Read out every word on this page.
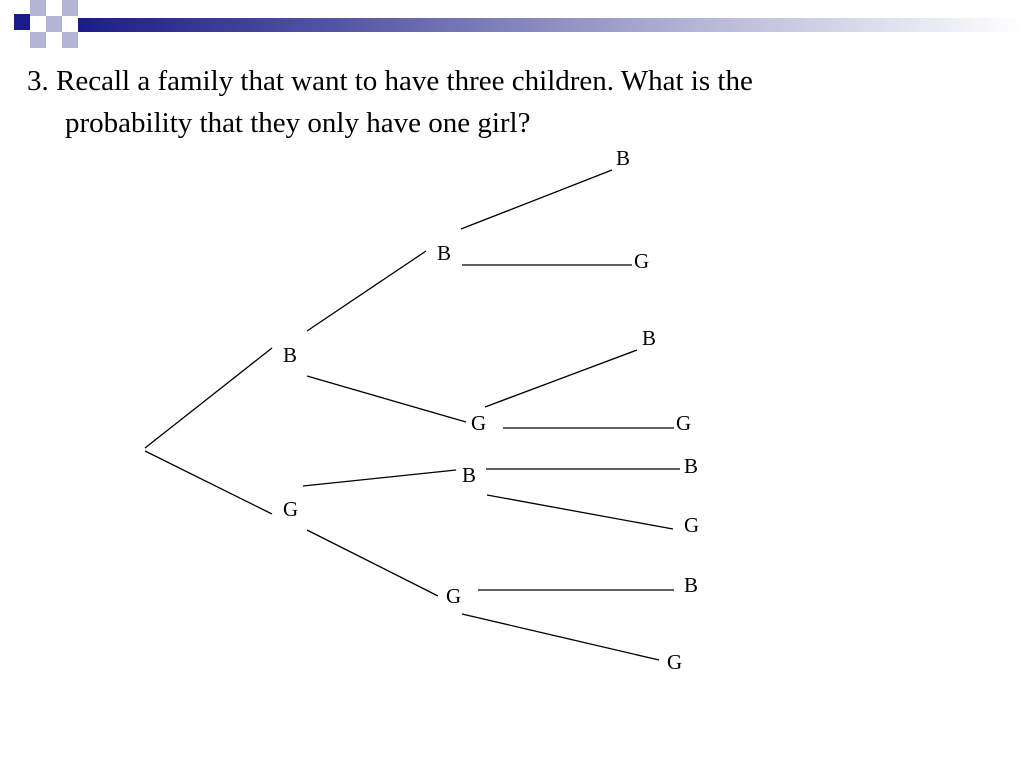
3. Recall a family that want to have three children. What is the
probability that they only have one girl?

B
G
B
G
B
G
B
G
B
G
B
G
B
G
